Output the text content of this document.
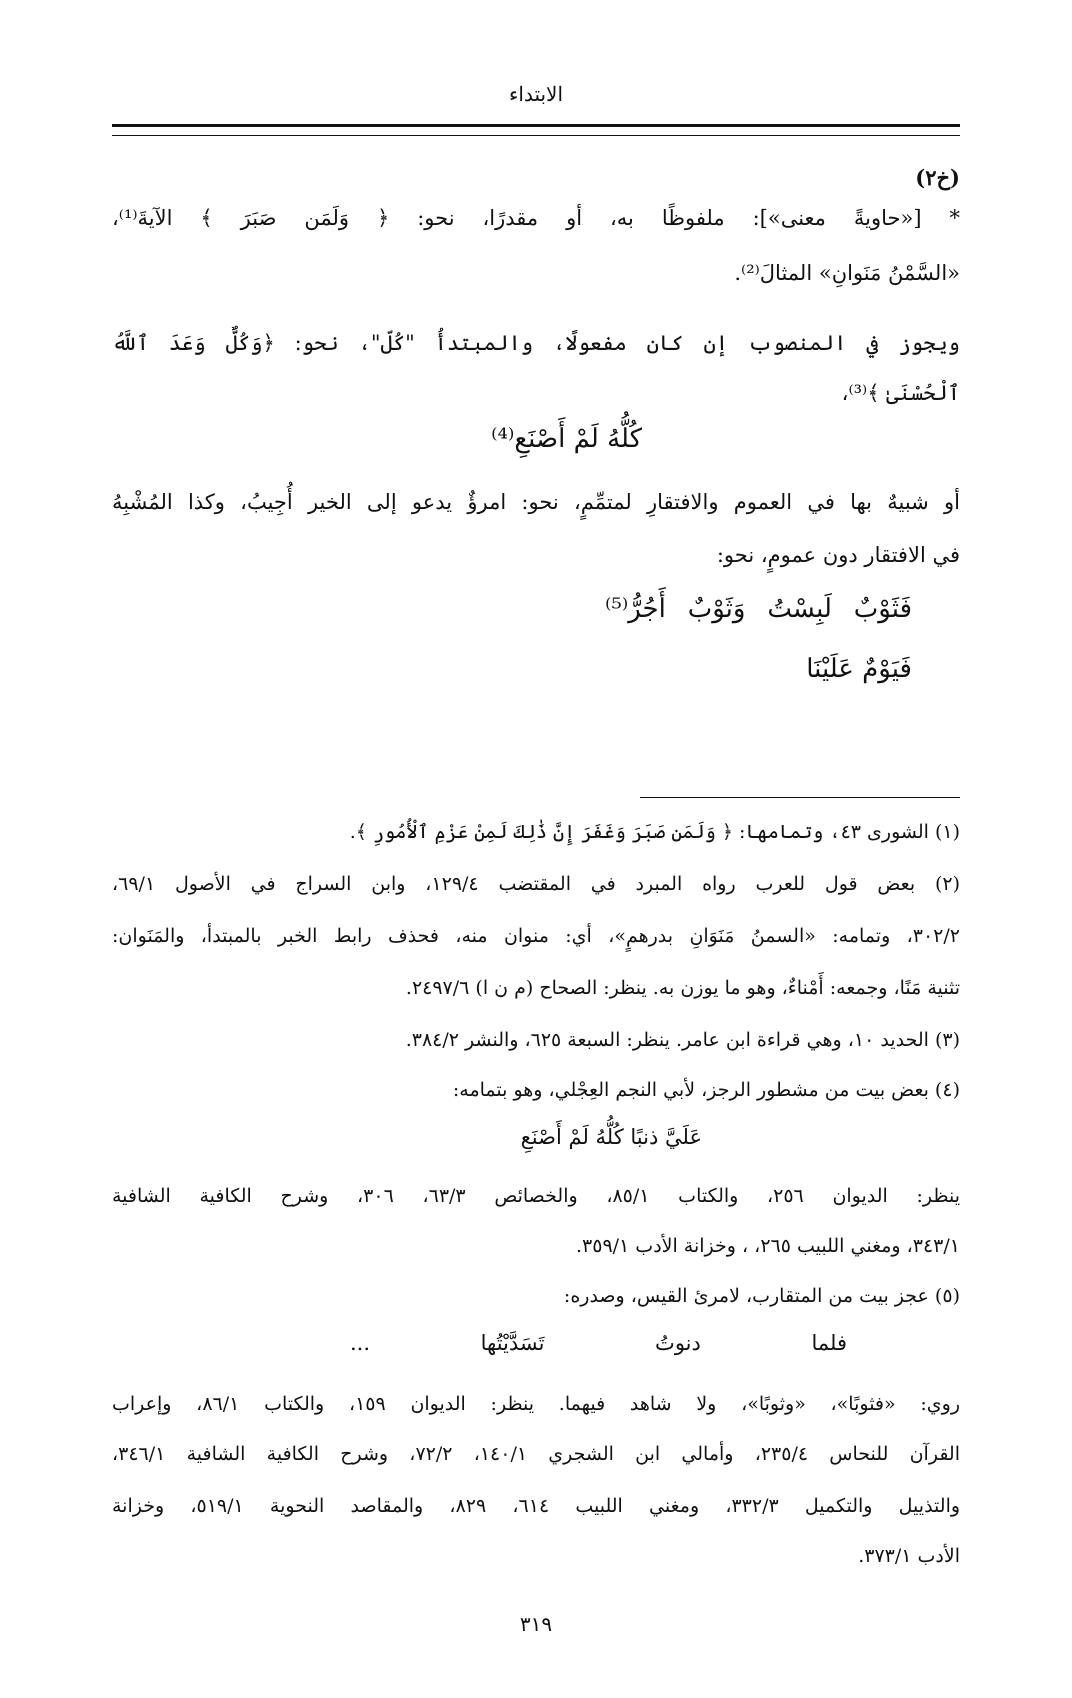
الابتداء
(خ٢)
* [«حاويةً معنى»]: ملفوظًا به، أو مقدرًا، نحو: ﴿ وَلَمَن صَبَرَ ﴾ الآيةَ⁽¹⁾،
«السَّمْنُ مَنَوانِ» المثالَ⁽²⁾.
ويجوز في المنصوب إن كان مفعولًا، والمبتدأُ "كُلّ"، نحو: ﴿وَكُلٌّ وَعَدَ ٱللَّهُ
ٱلْحُسْنَىٰ ﴾⁽³⁾،
كُلُّهُ لَمْ أَصْنَعِ⁽⁴⁾
أو شبيهٌ بها في العموم والافتقارِ لمتمِّمٍ، نحو: امرؤٌ يدعو إلى الخير أُجِيبُ، وكذا المُشْبِهُ
في الافتقار دون عمومٍ، نحو:
فَثَوْبٌ لَبِسْتُ وَثَوْبٌ أَجُرُّ⁽⁵⁾
فَيَوْمٌ عَلَيْنَا
(١) الشورى ٤٣، وتمامها: ﴿ وَلَمَن صَبَرَ وَغَفَرَ إِنَّ ذَٰلِكَ لَمِنْ عَزْمِ ٱلْأُمُورِ ﴾.
(٢) بعض قول للعرب رواه المبرد في المقتضب ١٢٩/٤، وابن السراج في الأصول ٦٩/١،
٣٠٢/٢، وتمامه: «السمنُ مَنَوَانِ بدرهمٍ»، أي: منوان منه، فحذف رابط الخبر بالمبتدأ، والمَنَوان:
تثنية مَنًا، وجمعه: أَمْناءٌ، وهو ما يوزن به. ينظر: الصحاح (م ن ا) ٢٤٩٧/٦.
(٣) الحديد ١٠، وهي قراءة ابن عامر. ينظر: السبعة ٦٢٥، والنشر ٣٨٤/٢.
(٤) بعض بيت من مشطور الرجز، لأبي النجم العِجْلي، وهو بتمامه:
عَلَيَّ ذنبًا كُلُّهُ لَمْ أَصْنَعِ
ينظر: الديوان ٢٥٦، والكتاب ٨٥/١، والخصائص ٦٣/٣، ٣٠٦، وشرح الكافية الشافية
٣٤٣/١، ومغني اللبيب ٢٦٥، ، وخزانة الأدب ٣٥٩/١.
(٥) عجز بيت من المتقارب، لامرئ القيس، وصدره:
فلما دنوتُ تَسَدَّيْتُها ...
روي: «فثوبًا»، «وثوبًا»، ولا شاهد فيهما. ينظر: الديوان ١٥٩، والكتاب ٨٦/١، وإعراب
القرآن للنحاس ٢٣٥/٤، وأمالي ابن الشجري ١٤٠/١، ٧٢/٢، وشرح الكافية الشافية ٣٤٦/١،
والتذييل والتكميل ٣٣٢/٣، ومغني اللبيب ٦١٤، ٨٢٩، والمقاصد النحوية ٥١٩/١، وخزانة
الأدب ٣٧٣/١.
٣١٩
